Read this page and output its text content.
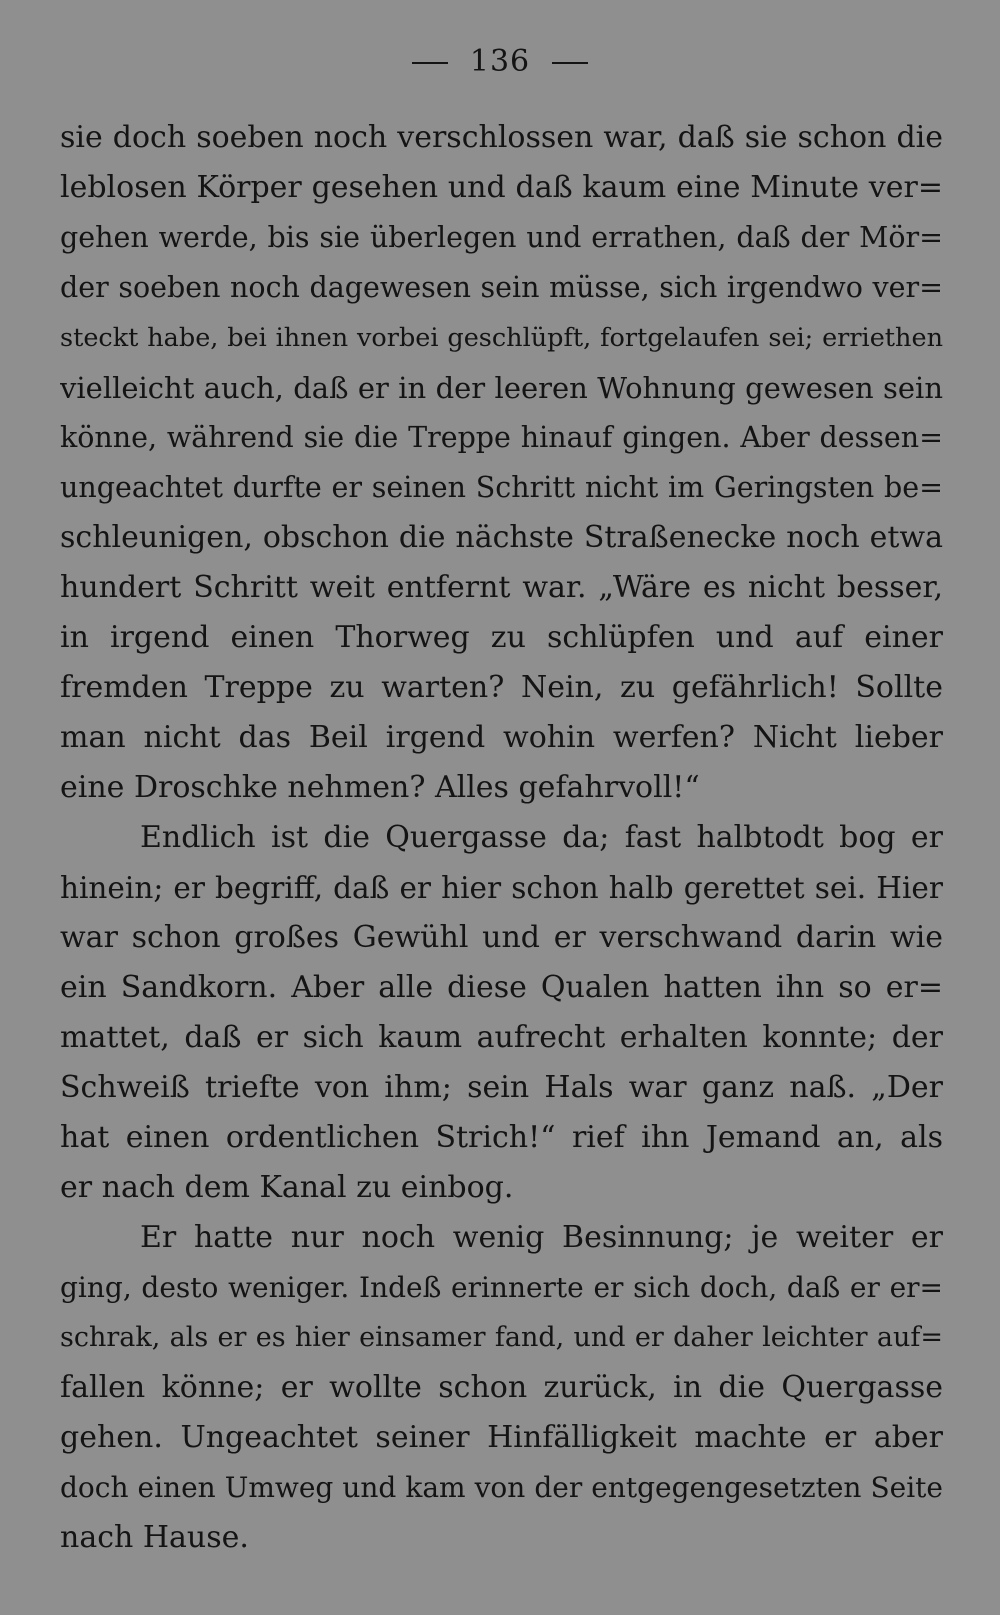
136
sie doch soeben noch verschlossen war, daß sie schon die
leblosen Körper gesehen und daß kaum eine Minute ver=
gehen werde, bis sie überlegen und errathen, daß der Mör=
der soeben noch dagewesen sein müsse, sich irgendwo ver=
steckt habe, bei ihnen vorbei geschlüpft, fortgelaufen sei; erriethen
vielleicht auch, daß er in der leeren Wohnung gewesen sein
könne, während sie die Treppe hinauf gingen. Aber dessen=
ungeachtet durfte er seinen Schritt nicht im Geringsten be=
schleunigen, obschon die nächste Straßenecke noch etwa
hundert Schritt weit entfernt war. „Wäre es nicht besser,
in irgend einen Thorweg zu schlüpfen und auf einer
fremden Treppe zu warten? Nein, zu gefährlich! Sollte
man nicht das Beil irgend wohin werfen? Nicht lieber
eine Droschke nehmen? Alles gefahrvoll!“
Endlich ist die Quergasse da; fast halbtodt bog er
hinein; er begriff, daß er hier schon halb gerettet sei. Hier
war schon großes Gewühl und er verschwand darin wie
ein Sandkorn. Aber alle diese Qualen hatten ihn so er=
mattet, daß er sich kaum aufrecht erhalten konnte; der
Schweiß triefte von ihm; sein Hals war ganz naß. „Der
hat einen ordentlichen Strich!“ rief ihn Jemand an, als
er nach dem Kanal zu einbog.
Er hatte nur noch wenig Besinnung; je weiter er
ging, desto weniger. Indeß erinnerte er sich doch, daß er er=
schrak, als er es hier einsamer fand, und er daher leichter auf=
fallen könne; er wollte schon zurück, in die Quergasse
gehen. Ungeachtet seiner Hinfälligkeit machte er aber
doch einen Umweg und kam von der entgegengesetzten Seite
nach Hause.
